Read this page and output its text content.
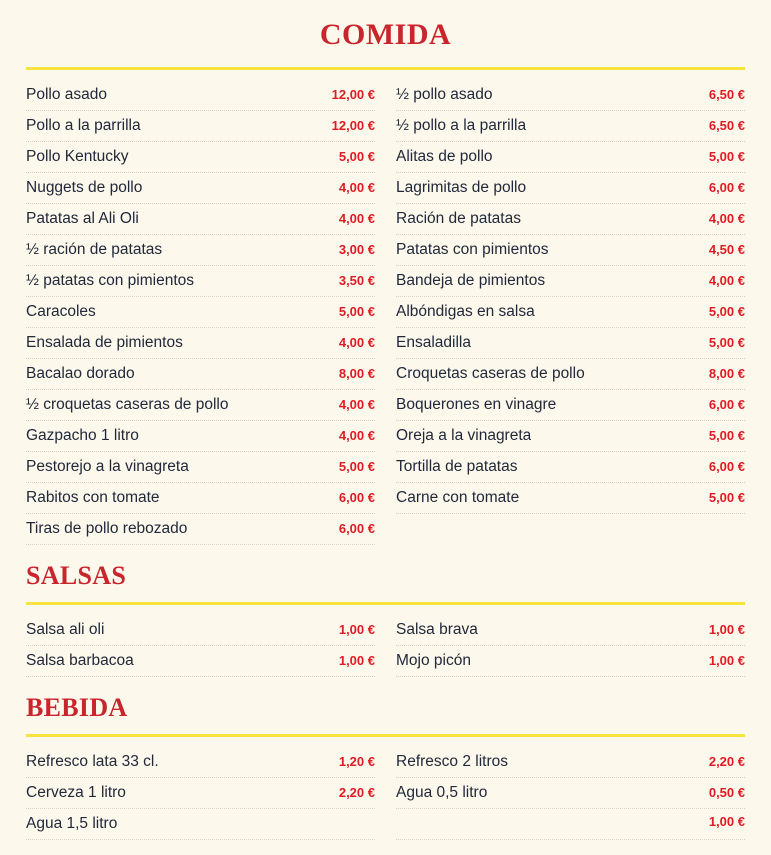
COMIDA
Pollo asado	12,00 €
Pollo a la parrilla	12,00 €
Pollo Kentucky	5,00 €
Nuggets de pollo	4,00 €
Patatas al Ali Oli	4,00 €
½ ración de patatas	3,00 €
½ patatas con pimientos	3,50 €
Caracoles	5,00 €
Ensalada de pimientos	4,00 €
Bacalao dorado	8,00 €
½ croquetas caseras de pollo	4,00 €
Gazpacho 1 litro	4,00 €
Pestorejo a la vinagreta	5,00 €
Rabitos con tomate	6,00 €
Tiras de pollo rebozado	6,00 €
½ pollo asado	6,50 €
½ pollo a la parrilla	6,50 €
Alitas de pollo	5,00 €
Lagrimitas de pollo	6,00 €
Ración de patatas	4,00 €
Patatas con pimientos	4,50 €
Bandeja de pimientos	4,00 €
Albóndigas en salsa	5,00 €
Ensaladilla	5,00 €
Croquetas caseras de pollo	8,00 €
Boquerones en vinagre	6,00 €
Oreja a la vinagreta	5,00 €
Tortilla de patatas	6,00 €
Carne con tomate	5,00 €
SALSAS
Salsa ali oli	1,00 €
Salsa barbacoa	1,00 €
Salsa brava	1,00 €
Mojo picón	1,00 €
BEBIDA
Refresco lata 33 cl.	1,20 €
Cerveza 1 litro	2,20 €
Agua 1,5 litro
Refresco 2 litros	2,20 €
Agua 0,5 litro	0,50 €
1,00 €
